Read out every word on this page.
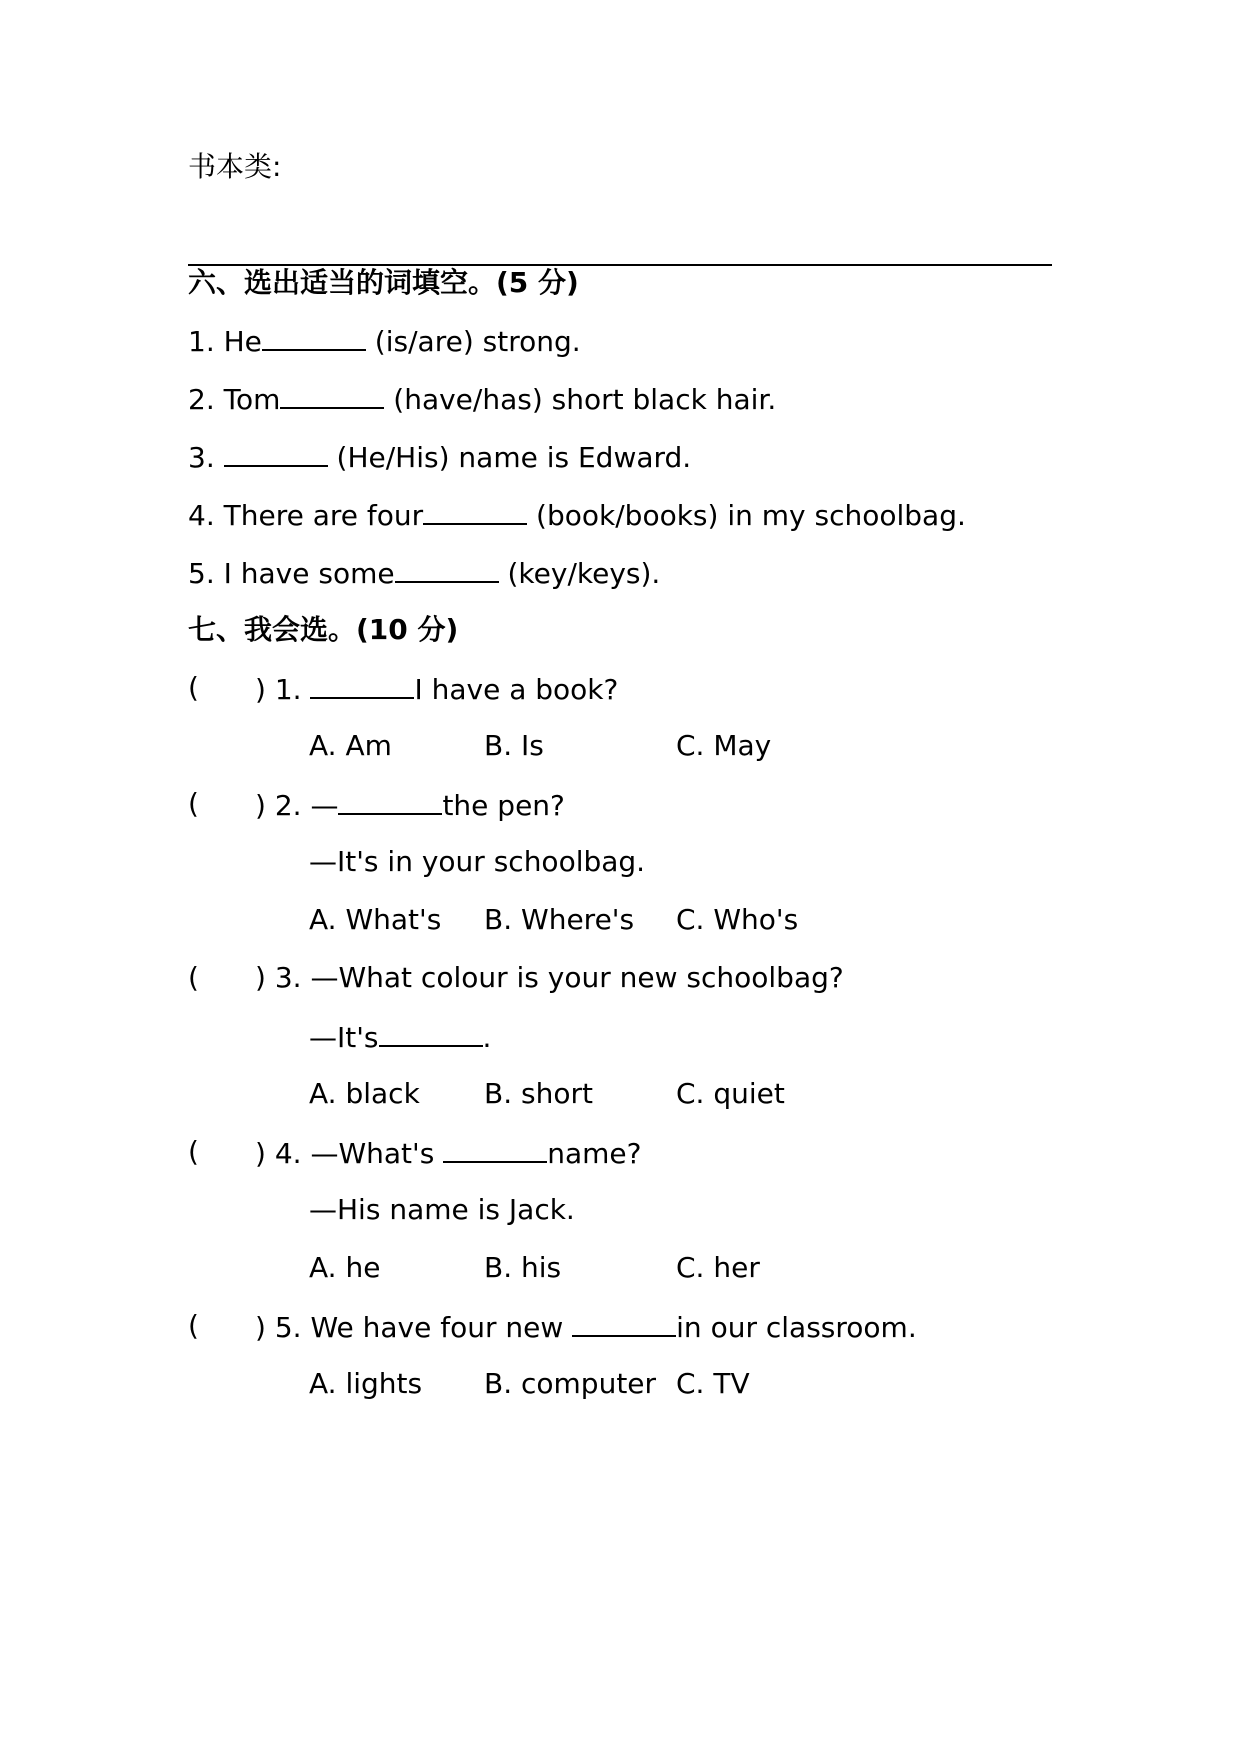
书本类:
六、选出适当的词填空。(5 分)
1. He	(is/are) strong.
2. Tom	(have/has) short black hair.
3.	(He/His) name is Edward.
4. There are four	(book/books) in my schoolbag.
5. I have some	(key/keys).
七、我会选。(10 分)
( ) 1.	I have a book?
A. Am	B. Is	C. May
( ) 2. —	the pen?
—It's in your schoolbag.
A. What's B. Where's C. Who's
( ) 3. —What colour is your new schoolbag?
—It's	.
A. black B. short	C. quiet
( ) 4. —What's	name?
—His name is Jack.
A. he	B. his	C. her
( ) 5. We have four new	in our classroom.
A. lights B. computer C. TV
